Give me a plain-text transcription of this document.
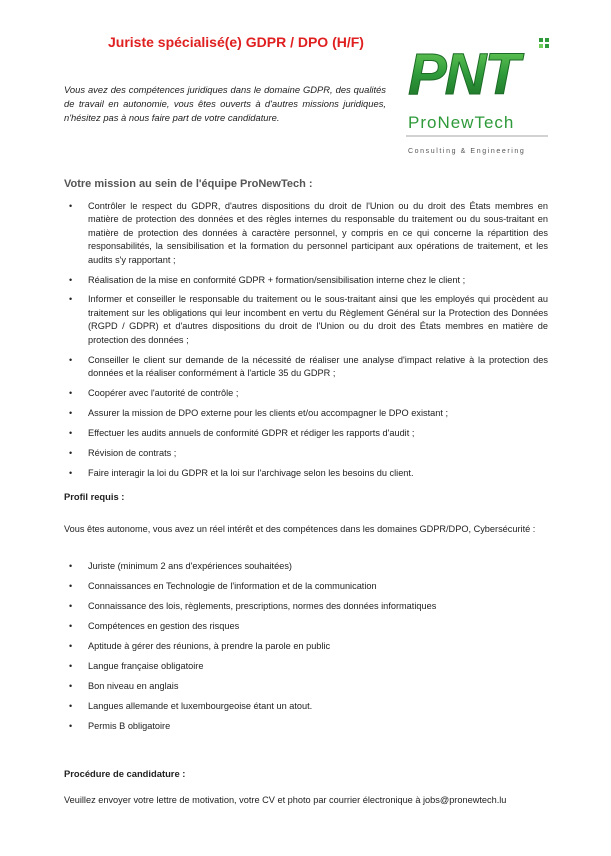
Juriste spécialisé(e) GDPR / DPO (H/F)
Vous avez des compétences juridiques dans le domaine GDPR, des qualités de travail en autonomie, vous êtes ouverts à d'autres missions juridiques, n'hésitez pas à nous faire part de votre candidature.
PNT
ProNewTech
Consulting & Engineering
Votre mission au sein de l'équipe ProNewTech :
• Contrôler le respect du GDPR, d'autres dispositions du droit de l'Union ou du droit des États membres en matière de protection des données et des règles internes du responsable du traitement ou du sous-traitant en matière de protection des données à caractère personnel, y compris en ce qui concerne la répartition des responsabilités, la sensibilisation et la formation du personnel participant aux opérations de traitement, et les audits s'y rapportant ;
• Réalisation de la mise en conformité GDPR + formation/sensibilisation interne chez le client ;
• Informer et conseiller le responsable du traitement ou le sous-traitant ainsi que les employés qui procèdent au traitement sur les obligations qui leur incombent en vertu du Règlement Général sur la Protection des Données (RGPD / GDPR) et d'autres dispositions du droit de l'Union ou du droit des États membres en matière de protection des données ;
• Conseiller le client sur demande de la nécessité de réaliser une analyse d'impact relative à la protection des données et la réaliser conformément à l'article 35 du GDPR ;
• Coopérer avec l'autorité de contrôle ;
• Assurer la mission de DPO externe pour les clients et/ou accompagner le DPO existant ;
• Effectuer les audits annuels de conformité GDPR et rédiger les rapports d'audit ;
• Révision de contrats ;
• Faire interagir la loi du GDPR et la loi sur l'archivage selon les besoins du client.
Profil requis :
Vous êtes autonome, vous avez un réel intérêt et des compétences dans les domaines GDPR/DPO, Cybersécurité :
• Juriste (minimum 2 ans d'expériences souhaitées)
• Connaissances en Technologie de l'information et de la communication
• Connaissance des lois, règlements, prescriptions, normes des données informatiques
• Compétences en gestion des risques
• Aptitude à gérer des réunions, à prendre la parole en public
• Langue française obligatoire
• Bon niveau en anglais
• Langues allemande et luxembourgeoise étant un atout.
• Permis B obligatoire
Procédure de candidature :
Veuillez envoyer votre lettre de motivation, votre CV et photo par courrier électronique à jobs@pronewtech.lu
